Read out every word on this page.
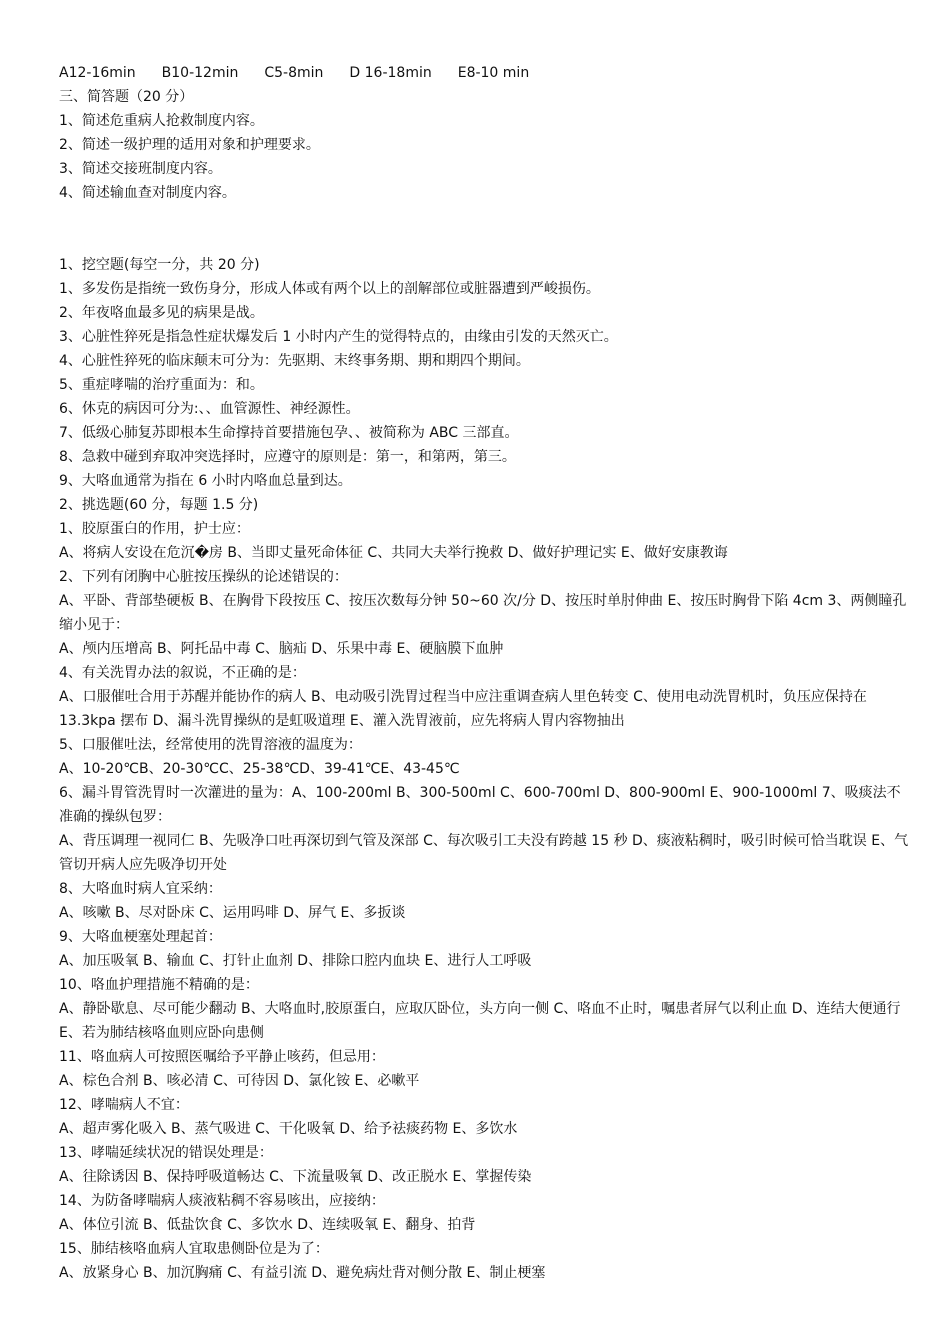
A12-16min B10-12min C5-8min D 16-18min E8-10 min
三、简答题（20 分）
1、简述危重病人抢救制度内容。
2、简述一级护理的适用对象和护理要求。
3、简述交接班制度内容。
4、简述输血查对制度内容。
1、挖空题(每空一分，共 20 分)
1、多发伤是指统一致伤身分，形成人体或有两个以上的剖解部位或脏器遭到严峻损伤。
2、年夜咯血最多见的病果是战。
3、心脏性猝死是指急性症状爆发后 1 小时内产生的觉得特点的，由缘由引发的天然灭亡。
4、心脏性猝死的临床颠末可分为：先驱期、末终事务期、期和期四个期间。
5、重症哮喘的治疗重面为：和。
6、休克的病因可分为:、、血管源性、神经源性。
7、低级心肺复苏即根本生命撑持首要措施包孕、、被简称为 ABC 三部直。
8、急救中碰到弃取冲突选择时，应遵守的原则是：第一，和第两，第三。
9、大咯血通常为指在 6 小时内咯血总量到达。
2、挑选题(60 分，每题 1.5 分)
1、胶原蛋白的作用，护士应：
A、将病人安设在危沉�房 B、当即丈量死命体征 C、共同大夫举行挽救 D、做好护理记实 E、做好安康教诲
2、下列有闭胸中心脏按压操纵的论述错误的：
A、平卧、背部垫硬板 B、在胸骨下段按压 C、按压次数每分钟 50~60 次/分 D、按压时单肘伸曲 E、按压时胸骨下陷 4cm 3、两侧瞳孔缩小见于：
A、颅内压增高 B、阿托品中毒 C、脑疝 D、乐果中毒 E、硬脑膜下血肿
4、有关洗胃办法的叙说，不正确的是：
A、口服催吐合用于苏醒并能协作的病人 B、电动吸引洗胃过程当中应注重调查病人里色转变 C、使用电动洗胃机时，负压应保持在 13.3kpa 摆布 D、漏斗洗胃操纵的是虹吸道理 E、灌入洗胃液前，应先将病人胃内容物抽出
5、口服催吐法，经常使用的洗胃溶液的温度为：
A、10-20℃B、20-30℃C、25-38℃D、39-41℃E、43-45℃
6、漏斗胃管洗胃时一次灌进的量为：A、100-200ml B、300-500ml C、600-700ml D、800-900ml E、900-1000ml 7、吸痰法不准确的操纵包罗：
A、背压调理一视同仁 B、先吸净口吐再深切到气管及深部 C、每次吸引工夫没有跨越 15 秒 D、痰液粘稠时，吸引时候可恰当耽误 E、气管切开病人应先吸净切开处
8、大咯血时病人宜采纳：
A、咳嗽 B、尽对卧床 C、运用吗啡 D、屏气 E、多扳谈
9、大咯血梗塞处理起首：
A、加压吸氧 B、输血 C、打针止血剂 D、排除口腔内血块 E、进行人工呼吸
10、咯血护理措施不精确的是：
A、静卧歇息、尽可能少翻动 B、大咯血时,胶原蛋白，应取仄卧位，头方向一侧 C、咯血不止时，嘱患者屏气以利止血 D、连结大便通行 E、若为肺结核咯血则应卧向患侧
11、咯血病人可按照医嘱给予平静止咳药，但忌用：
A、棕色合剂 B、咳必清 C、可待因 D、氯化铵 E、必嗽平
12、哮喘病人不宜：
A、超声雾化吸入 B、蒸气吸进 C、干化吸氧 D、给予祛痰药物 E、多饮水
13、哮喘延续状况的错误处理是：
A、往除诱因 B、保持呼吸道畅达 C、下流量吸氧 D、改正脱水 E、掌握传染
14、为防备哮喘病人痰液粘稠不容易咳出，应接纳：
A、体位引流 B、低盐饮食 C、多饮水 D、连续吸氧 E、翻身、拍背
15、肺结核咯血病人宜取患侧卧位是为了：
A、放紧身心 B、加沉胸痛 C、有益引流 D、避免病灶背对侧分散 E、制止梗塞
